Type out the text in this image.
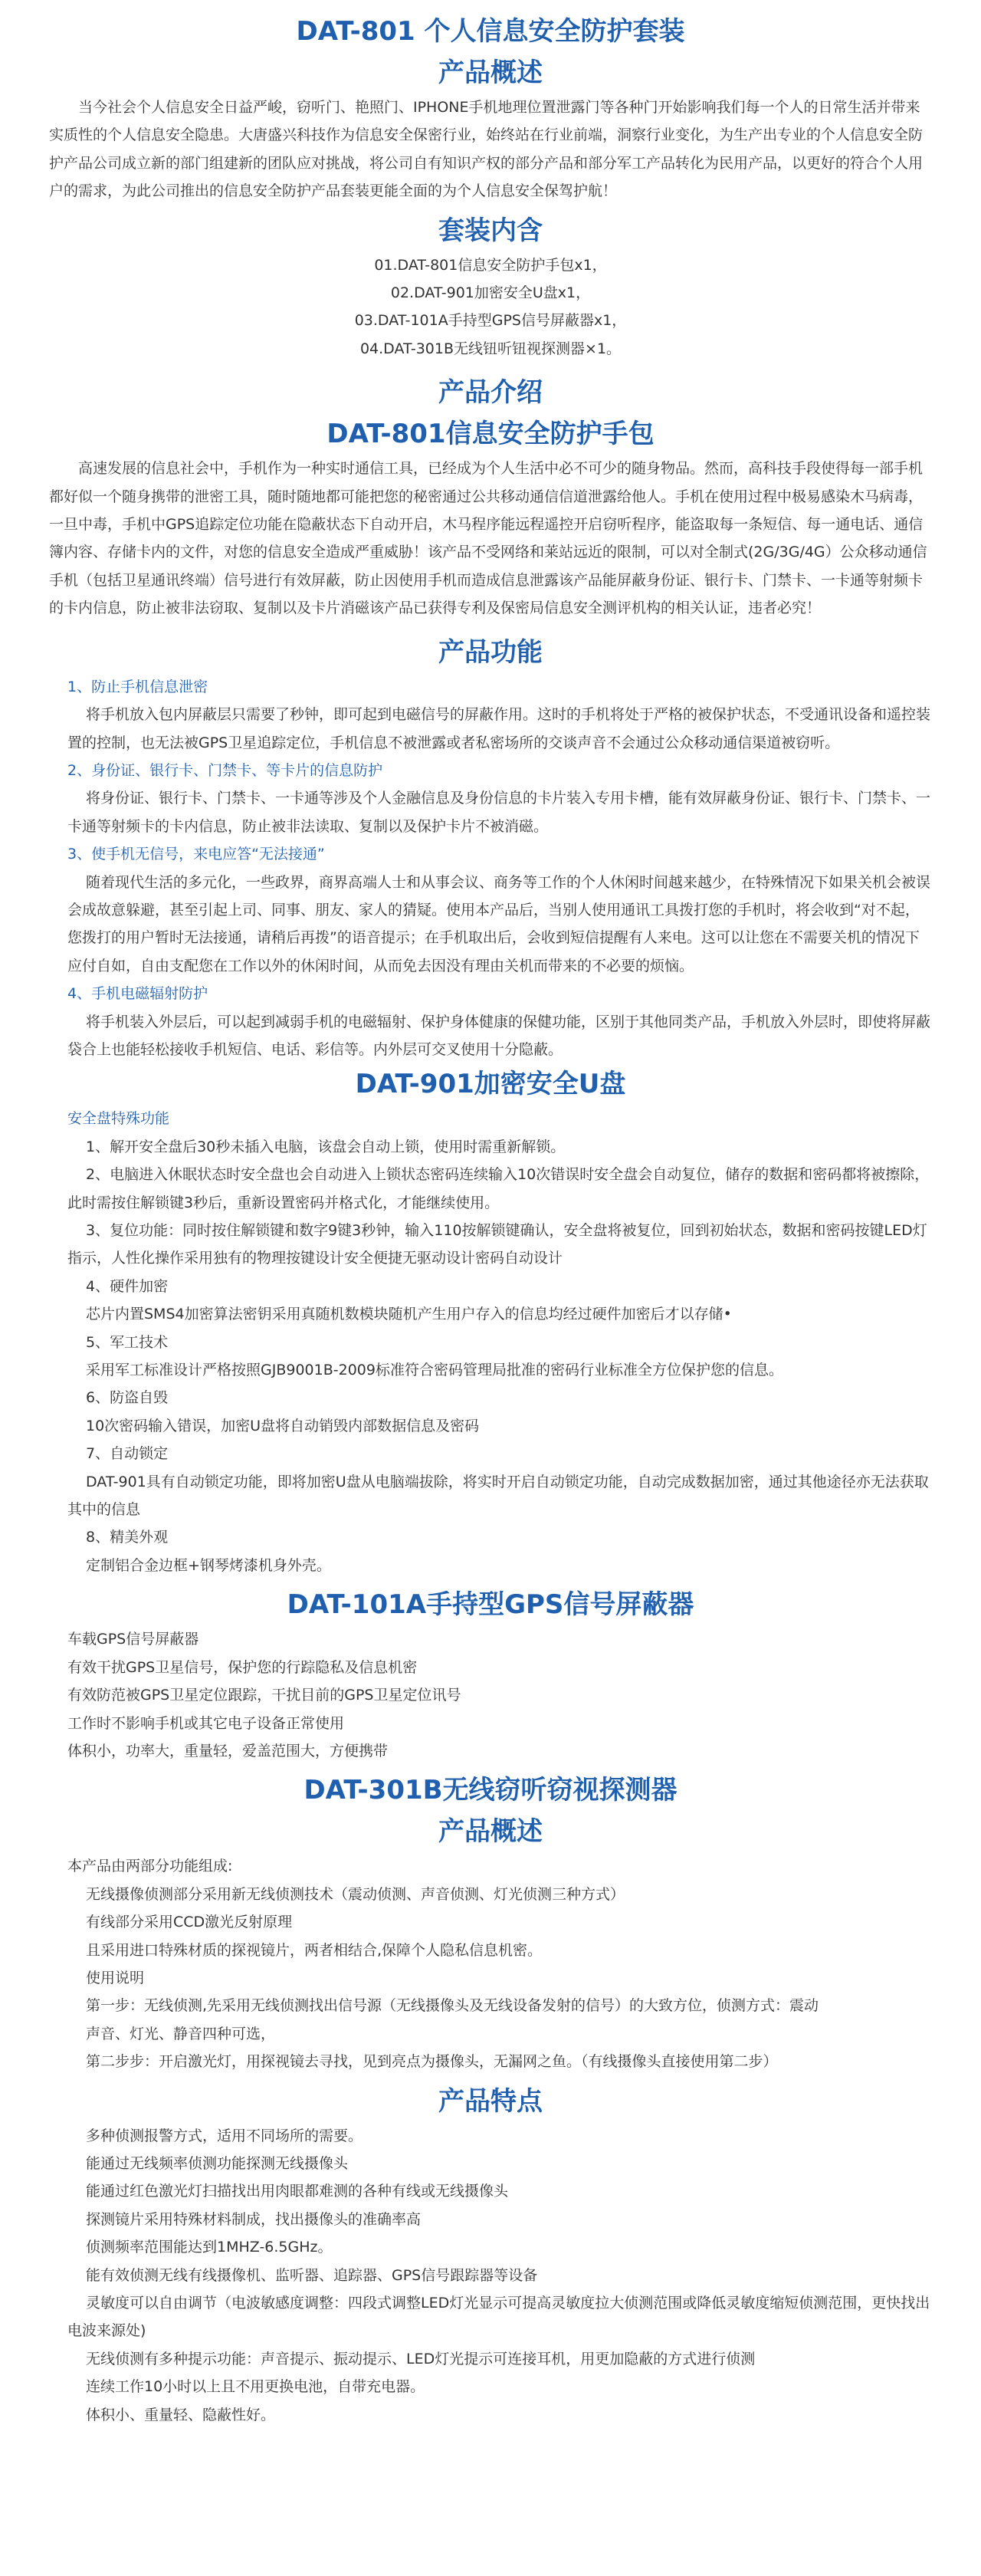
DAT-801 个人信息安全防护套装
产品概述

当今社会个人信息安全日益严峻，窃听门、艳照门、IPHONE手机地理位置泄露门等各种门开始影响我们每一个人的日常生活并带来实质性的个人信息安全隐患。大唐盛兴科技作为信息安全保密行业，始终站在行业前端，洞察行业变化，为生产出专业的个人信息安全防护产品公司成立新的部门组建新的团队应对挑战，将公司自有知识产权的部分产品和部分军工产品转化为民用产品，以更好的符合个人用户的需求，为此公司推出的信息安全防护产品套装更能全面的为个人信息安全保驾护航！

套装内含
01.DAT-801信息安全防护手包x1，
02.DAT-901加密安全U盘x1，
03.DAT-101A手持型GPS信号屏蔽器x1，
04.DAT-301B无线钮听钮视探测器×1。
产品介绍
DAT-801信息安全防护手包

高速发展的信息社会中，手机作为一种实时通信工具，已经成为个人生活中必不可少的随身物品。然而，高科技手段使得每一部手机都好似一个随身携带的泄密工具，随时随地都可能把您的秘密通过公共移动通信信道泄露给他人。手机在使用过程中极易感染木马病毒，一旦中毒，手机中GPS追踪定位功能在隐蔽状态下自动开启，木马程序能远程遥控开启窃听程序，能盗取每一条短信、每一通电话、通信簿内容、存储卡内的文件，对您的信息安全造成严重威胁！该产品不受网络和莱站远近的限制，可以对全制式(2G/3G/4G）公众移动通信手机（包括卫星通讯终端）信号进行有效屏蔽，防止因使用手机而造成信息泄露该产品能屏蔽身份证、银行卡、门禁卡、一卡通等射频卡的卡内信息，防止被非法窃取、复制以及卡片消磁该产品已获得专利及保密局信息安全测评机构的相关认证，违者必究！

产品功能
1、防止手机信息泄密

将手机放入包内屏蔽层只需要了秒钟，即可起到电磁信号的屏蔽作用。这时的手机将处于严格的被保护状态，不受通讯设备和遥控装置的控制，也无法被GPS卫星追踪定位，手机信息不被泄露或者私密场所的交谈声音不会通过公众移动通信渠道被窃听。

2、身份证、银行卡、门禁卡、等卡片的信息防护

将身份证、银行卡、门禁卡、一卡通等涉及个人金融信息及身份信息的卡片装入专用卡槽，能有效屏蔽身份证、银行卡、门禁卡、一卡通等射频卡的卡内信息，防止被非法读取、复制以及保护卡片不被消磁。

3、使手机无信号，来电应答“无法接通”

随着现代生活的多元化，一些政界，商界高端人士和从事会议、商务等工作的个人休闲时间越来越少，在特殊情况下如果关机会被误会成故意躲避，甚至引起上司、同事、朋友、家人的猜疑。使用本产品后，当别人使用通讯工具拨打您的手机时，将会收到“对不起，您拨打的用户暂时无法接通，请稍后再拨”的语音提示；在手机取出后，会收到短信提醒有人来电。这可以让您在不需要关机的情况下应付自如，自由支配您在工作以外的休闲时间，从而免去因没有理由关机而带来的不必要的烦恼。

4、手机电磁辐射防护

将手机装入外层后，可以起到减弱手机的电磁辐射、保护身体健康的保健功能，区别于其他同类产品，手机放入外层时，即使将屏蔽袋合上也能轻松接收手机短信、电话、彩信等。内外层可交叉使用十分隐蔽。

DAT-901加密安全U盘
安全盘特殊功能

1、解开安全盘后30秒未插入电脑，该盘会自动上锁，使用时需重新解锁。

2、电脑进入休眠状态时安全盘也会自动进入上锁状态密码连续输入10次错误时安全盘会自动复位，储存的数据和密码都将被擦除，此时需按住解锁键3秒后，重新设置密码并格式化，才能继续使用。

3、复位功能：同时按住解锁键和数字9键3秒钟，输入110按解锁键确认，安全盘将被复位，回到初始状态，数据和密码按键LED灯指示，人性化操作采用独有的物理按键设计安全便捷无驱动设计密码自动设计

4、硬件加密

芯片内置SMS4加密算法密钥采用真随机数模块随机产生用户存入的信息均经过硬件加密后才以存储•

5、军工技术

采用军工标准设计严格按照GJB9001B-2009标准符合密码管理局批准的密码行业标准全方位保护您的信息。

6、防盗自毁

10次密码输入错误，加密U盘将自动销毁内部数据信息及密码

7、自动锁定

DAT-901具有自动锁定功能，即将加密U盘从电脑端拔除，将实时开启自动锁定功能，自动完成数据加密，通过其他途径亦无法获取其中的信息

8、精美外观

定制铝合金边框+钢琴烤漆机身外壳。

DAT-101A手持型GPS信号屏蔽器

车载GPS信号屏蔽器

有效干扰GPS卫星信号，保护您的行踪隐私及信息机密

有效防范被GPS卫星定位跟踪，干扰目前的GPS卫星定位讯号

工作时不影响手机或其它电子设备正常使用

体积小，功率大，重量轻，爱盖范围大，方便携带

DAT-301B无线窃听窃视探测器
产品概述

本产品由两部分功能组成:

无线摄像侦测部分采用新无线侦测技术（震动侦测、声音侦测、灯光侦测三种方式）

有线部分采用CCD激光反射原理

且采用进口特殊材质的探视镜片，两者相结合,保障个人隐私信息机密。

使用说明

第一步：无线侦测,先采用无线侦测找出信号源（无线摄像头及无线设备发射的信号）的大致方位，侦测方式：震动

声音、灯光、静音四种可选，

第二步步：开启激光灯，用探视镜去寻找，见到亮点为摄像头，无漏网之鱼。（有线摄像头直接使用第二步）

产品特点

多种侦测报警方式，适用不同场所的需要。

能通过无线频率侦测功能探测无线摄像头

能通过红色激光灯扫描找出用肉眼都难测的各种有线或无线摄像头

探测镜片采用特殊材料制成，找出摄像头的准确率高

侦测频率范围能达到1MHZ-6.5GHz。

能有效侦测无线有线摄像机、监听器、追踪器、GPS信号跟踪器等设备

灵敏度可以自由调节（电波敏感度调整：四段式调整LED灯光显示可提高灵敏度拉大侦测范围或降低灵敏度缩短侦测范围，更快找出电波来源处)

无线侦测有多种提示功能：声音提示、振动提示、LED灯光提示可连接耳机，用更加隐蔽的方式进行侦测

连续工作10小时以上且不用更换电池，自带充电器。

体积小、重量轻、隐蔽性好。
